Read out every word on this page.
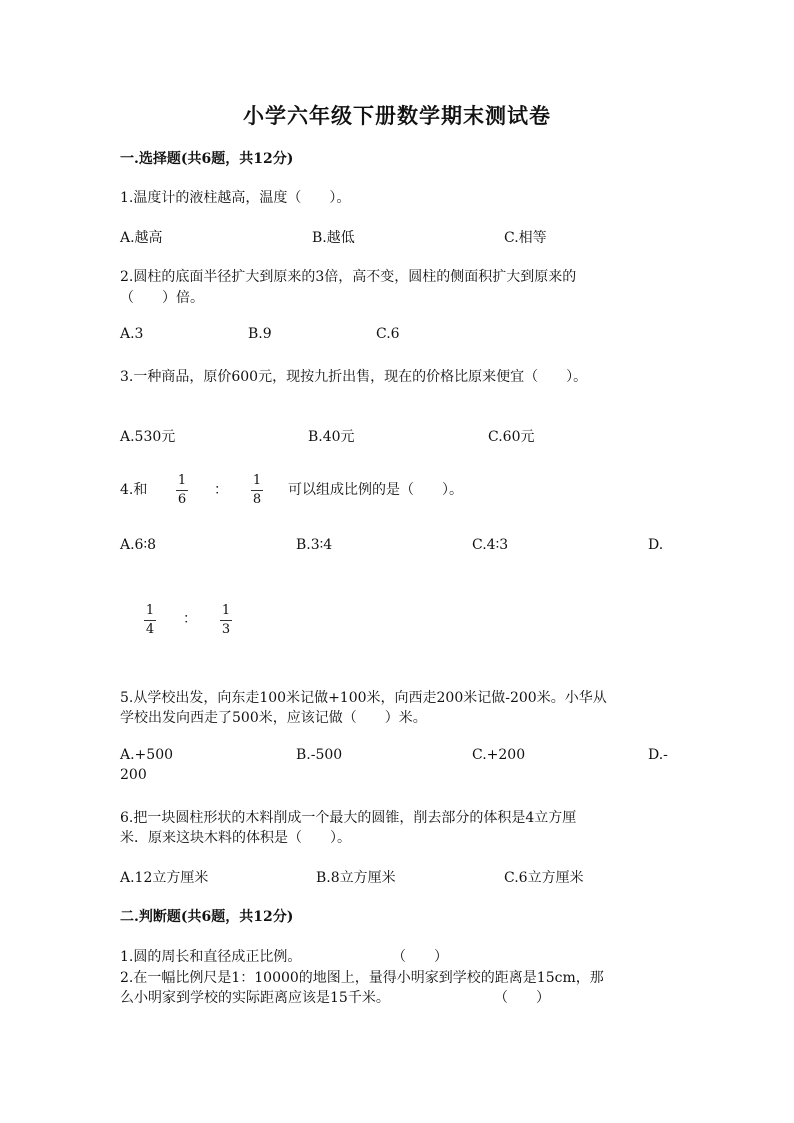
小学六年级下册数学期末测试卷
一.选择题(共6题，共12分)
1.温度计的液柱越高，温度（　　）。
A.越高	B.越低	C.相等
2.圆柱的底面半径扩大到原来的3倍，高不变，圆柱的侧面积扩大到原来的
（　　）倍。
A.3	B.9	C.6
3.一种商品，原价600元，现按九折出售，现在的价格比原来便宜（　　）。
A.530元	B.40元	C.60元
4.和
1
6
：
1
8
可以组成比例的是（　　）。
A.6∶8	B.3∶4	C.4∶3	D.
1
4
：
1
3
5.从学校出发，向东走100米记做+100米，向西走200米记做-200米。小华从
学校出发向西走了500米，应该记做（　　）米。
A.+500	B.-500	C.+200	D.-
200
6.把一块圆柱形状的木料削成一个最大的圆锥，削去部分的体积是4立方厘
米．原来这块木料的体积是（　　）。
A.12立方厘米	B.8立方厘米	C.6立方厘米
二.判断题(共6题，共12分)
1.圆的周长和直径成正比例。	（　　）
2.在一幅比例尺是1：10000的地图上，量得小明家到学校的距离是15cm，那
么小明家到学校的实际距离应该是15千米。	（　　）
